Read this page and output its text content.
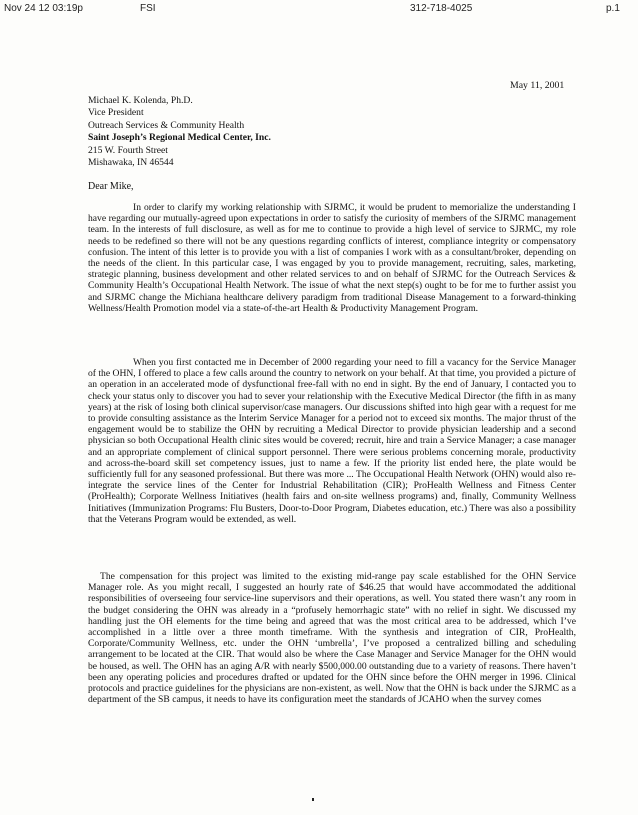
Nov 24 12 03:19p	FSI	312-718-4025	p.1
May 11, 2001
Michael K. Kolenda, Ph.D.
Vice President
Outreach Services & Community Health
Saint Joseph’s Regional Medical Center, Inc.
215 W. Fourth Street
Mishawaka, IN 46544
Dear Mike,

In order to clarify my working relationship with SJRMC, it would be prudent to memorialize the understanding I have regarding our mutually-agreed upon expectations in order to satisfy the curiosity of members of the SJRMC management team. In the interests of full disclosure, as well as for me to continue to provide a high level of service to SJRMC, my role needs to be redefined so there will not be any questions regarding conflicts of interest, compliance integrity or compensatory confusion. The intent of this letter is to provide you with a list of companies I work with as a consultant/broker, depending on the needs of the client. In this particular case, I was engaged by you to provide management, recruiting, sales, marketing, strategic planning, business development and other related services to and on behalf of SJRMC for the Outreach Services & Community Health’s Occupational Health Network. The issue of what the next step(s) ought to be for me to further assist you and SJRMC change the Michiana healthcare delivery paradigm from traditional Disease Management to a forward-thinking Wellness/Health Promotion model via a state-of-the-art Health & Productivity Management Program.

When you first contacted me in December of 2000 regarding your need to fill a vacancy for the Service Manager of the OHN, I offered to place a few calls around the country to network on your behalf. At that time, you provided a picture of an operation in an accelerated mode of dysfunctional free-fall with no end in sight. By the end of January, I contacted you to check your status only to discover you had to sever your relationship with the Executive Medical Director (the fifth in as many years) at the risk of losing both clinical supervisor/case managers. Our discussions shifted into high gear with a request for me to provide consulting assistance as the Interim Service Manager for a period not to exceed six months. The major thrust of the engagement would be to stabilize the OHN by recruiting a Medical Director to provide physician leadership and a second physician so both Occupational Health clinic sites would be covered; recruit, hire and train a Service Manager; a case manager and an appropriate complement of clinical support personnel. There were serious problems concerning morale, productivity and across-the-board skill set competency issues, just to name a few. If the priority list ended here, the plate would be sufficiently full for any seasoned professional. But there was more ... The Occupational Health Network (OHN) would also re-integrate the service lines of the Center for Industrial Rehabilitation (CIR); ProHealth Wellness and Fitness Center (ProHealth); Corporate Wellness Initiatives (health fairs and on-site wellness programs) and, finally, Community Wellness Initiatives (Immunization Programs: Flu Busters, Door-to-Door Program, Diabetes education, etc.) There was also a possibility that the Veterans Program would be extended, as well.

The compensation for this project was limited to the existing mid-range pay scale established for the OHN Service Manager role. As you might recall, I suggested an hourly rate of $46.25 that would have accommodated the additional responsibilities of overseeing four service-line supervisors and their operations, as well. You stated there wasn’t any room in the budget considering the OHN was already in a “profusely hemorrhagic state” with no relief in sight. We discussed my handling just the OH elements for the time being and agreed that was the most critical area to be addressed, which I’ve accomplished in a little over a three month timeframe. With the synthesis and integration of CIR, ProHealth, Corporate/Community Wellness, etc. under the OHN ‘umbrella’, I’ve proposed a centralized billing and scheduling arrangement to be located at the CIR. That would also be where the Case Manager and Service Manager for the OHN would be housed, as well. The OHN has an aging A/R with nearly $500,000.00 outstanding due to a variety of reasons. There haven’t been any operating policies and procedures drafted or updated for the OHN since before the OHN merger in 1996. Clinical protocols and practice guidelines for the physicians are non-existent, as well. Now that the OHN is back under the SJRMC as a department of the SB campus, it needs to have its configuration meet the standards of JCAHO when the survey comes
